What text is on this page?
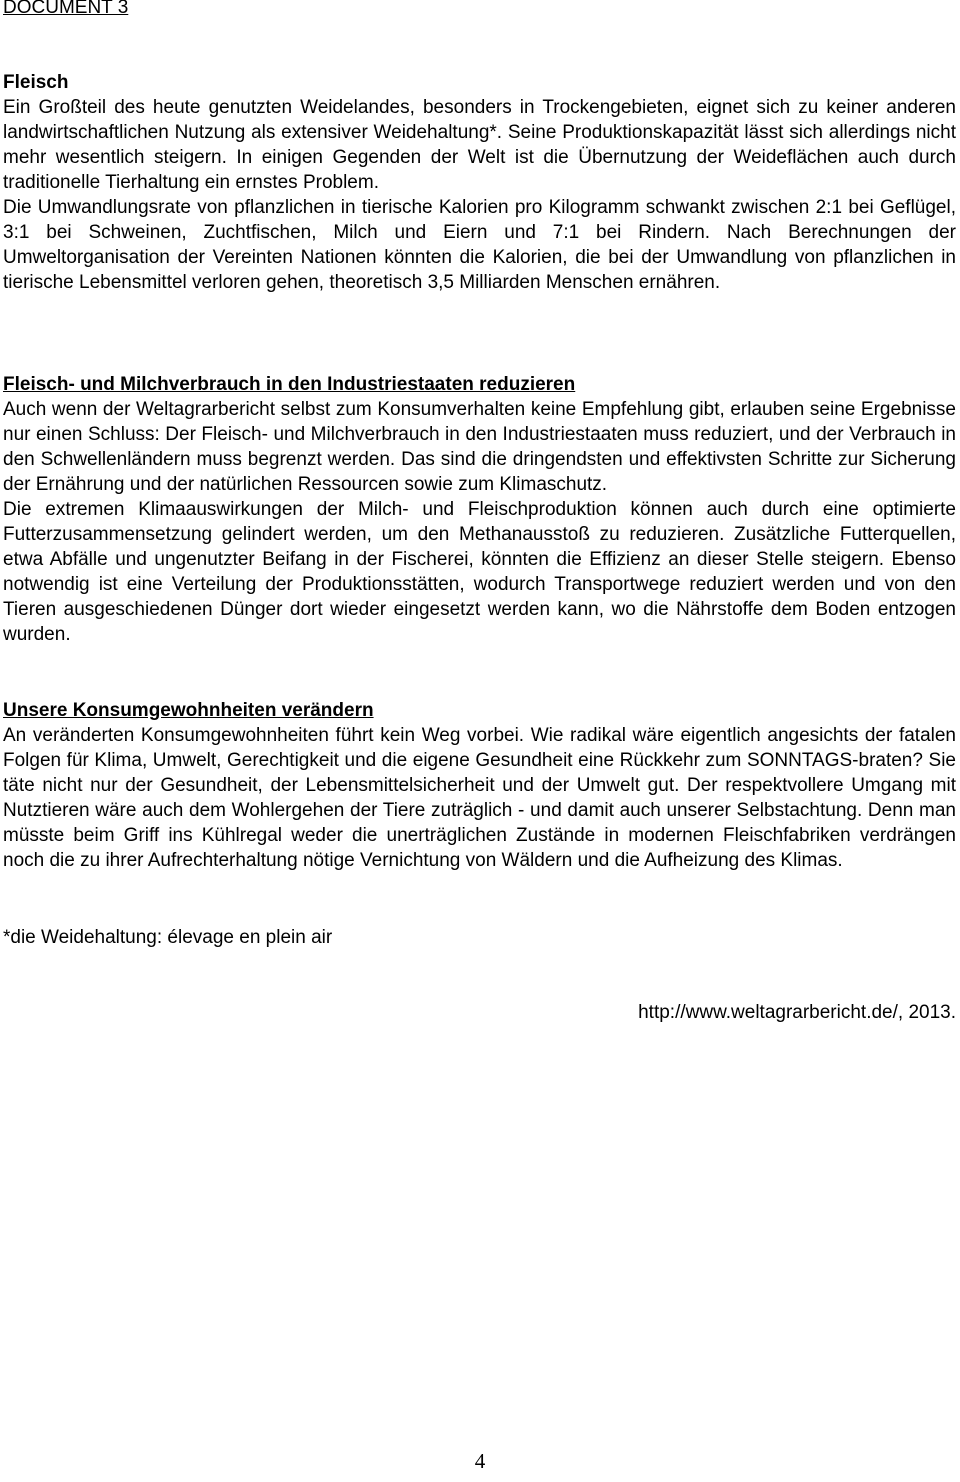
DOCUMENT 3
Fleisch

Ein Großteil des heute genutzten Weidelandes, besonders in Trockengebieten, eignet sich zu keiner anderen landwirtschaftlichen Nutzung als extensiver Weidehaltung*. Seine Produktionskapazität lässt sich allerdings nicht mehr wesentlich steigern. In einigen Gegenden der Welt ist die Übernutzung der Weideflächen auch durch traditionelle Tierhaltung ein ernstes Problem.

Die Umwandlungsrate von pflanzlichen in tierische Kalorien pro Kilogramm schwankt zwischen 2:1 bei Geflügel, 3:1 bei Schweinen, Zuchtfischen, Milch und Eiern und 7:1 bei Rindern. Nach Berechnungen der Umweltorganisation der Vereinten Nationen könnten die Kalorien, die bei der Umwandlung von pflanzlichen in tierische Lebensmittel verloren gehen, theoretisch 3,5 Milliarden Menschen ernähren.

Fleisch- und Milchverbrauch in den Industriestaaten reduzieren

Auch wenn der Weltagrarbericht selbst zum Konsumverhalten keine Empfehlung gibt, erlauben seine Ergebnisse nur einen Schluss: Der Fleisch- und Milchverbrauch in den Industriestaaten muss reduziert, und der Verbrauch in den Schwellenländern muss begrenzt werden. Das sind die dringendsten und effektivsten Schritte zur Sicherung der Ernährung und der natürlichen Ressourcen sowie zum Klimaschutz.

Die extremen Klimaauswirkungen der Milch- und Fleischproduktion können auch durch eine optimierte Futterzusammensetzung gelindert werden, um den Methanausstoß zu reduzieren. Zusätzliche Futterquellen, etwa Abfälle und ungenutzter Beifang in der Fischerei, könnten die Effizienz an dieser Stelle steigern. Ebenso notwendig ist eine Verteilung der Produktionsstätten, wodurch Transportwege reduziert werden und von den Tieren ausgeschiedenen Dünger dort wieder eingesetzt werden kann, wo die Nährstoffe dem Boden entzogen wurden.

Unsere Konsumgewohnheiten verändern

An veränderten Konsumgewohnheiten führt kein Weg vorbei. Wie radikal wäre eigentlich angesichts der fatalen Folgen für Klima, Umwelt, Gerechtigkeit und die eigene Gesundheit eine Rückkehr zum SONNTAGS-braten? Sie täte nicht nur der Gesundheit, der Lebensmittelsicherheit und der Umwelt gut. Der respektvollere Umgang mit Nutztieren wäre auch dem Wohlergehen der Tiere zuträglich - und damit auch unserer Selbstachtung. Denn man müsste beim Griff ins Kühlregal weder die unerträglichen Zustände in modernen Fleischfabriken verdrängen noch die zu ihrer Aufrechterhaltung nötige Vernichtung von Wäldern und die Aufheizung des Klimas.

*die Weidehaltung: élevage en plein air
http://www.weltagrarbericht.de/, 2013.
4
